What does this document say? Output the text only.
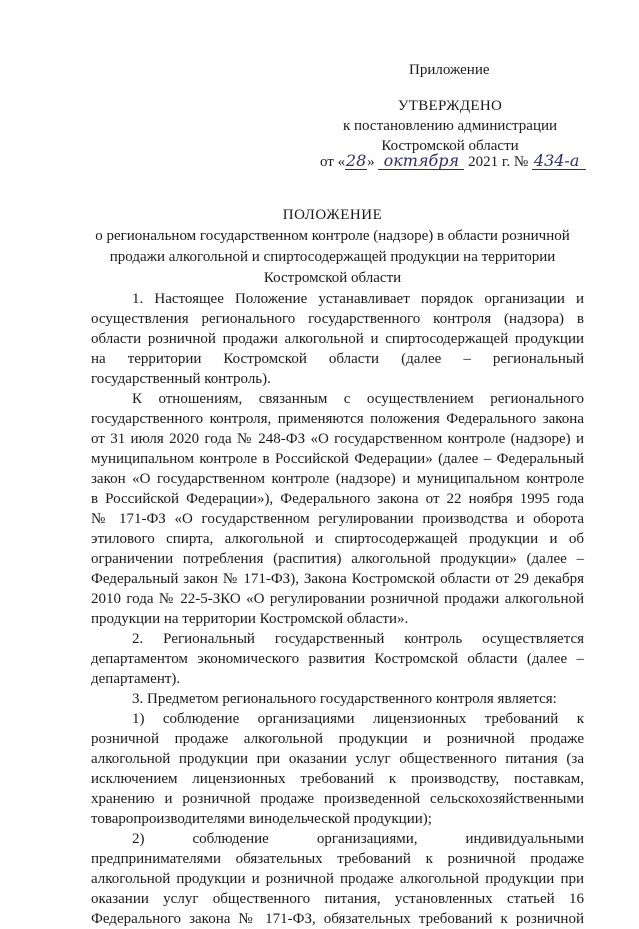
Приложение
УТВЕРЖДЕНО
к постановлению администрации
Костромской области
от «28» октября 2021 г. № 434-а
ПОЛОЖЕНИЕ
о региональном государственном контроле (надзоре) в области розничной
продажи алкогольной и спиртосодержащей продукции на территории
Костромской области
1. Настоящее Положение устанавливает порядок организации и
осуществления регионального государственного контроля (надзора) в
области розничной продажи алкогольной и спиртосодержащей продукции
на территории Костромской области (далее – региональный
государственный контроль).
К отношениям, связанным с осуществлением регионального
государственного контроля, применяются положения Федерального закона
от 31 июля 2020 года № 248-ФЗ «О государственном контроле (надзоре) и
муниципальном контроле в Российской Федерации» (далее – Федеральный
закон «О государственном контроле (надзоре) и муниципальном контроле
в Российской Федерации»), Федерального закона от 22 ноября 1995 года
№ 171-ФЗ «О государственном регулировании производства и оборота
этилового спирта, алкогольной и спиртосодержащей продукции и об
ограничении потребления (распития) алкогольной продукции» (далее –
Федеральный закон № 171-ФЗ), Закона Костромской области от 29 декабря
2010 года № 22-5-ЗКО «О регулировании розничной продажи алкогольной
продукции на территории Костромской области».
2. Региональный государственный контроль осуществляется
департаментом экономического развития Костромской области (далее –
департамент).
3. Предметом регионального государственного контроля является:
1) соблюдение организациями лицензионных требований к
розничной продаже алкогольной продукции и розничной продаже
алкогольной продукции при оказании услуг общественного питания (за
исключением лицензионных требований к производству, поставкам,
хранению и розничной продаже произведенной сельскохозяйственными
товаропроизводителями винодельческой продукции);
2) соблюдение организациями, индивидуальными
предпринимателями обязательных требований к розничной продаже
алкогольной продукции и розничной продаже алкогольной продукции при
оказании услуг общественного питания, установленных статьей 16
Федерального закона № 171-ФЗ, обязательных требований к розничной
